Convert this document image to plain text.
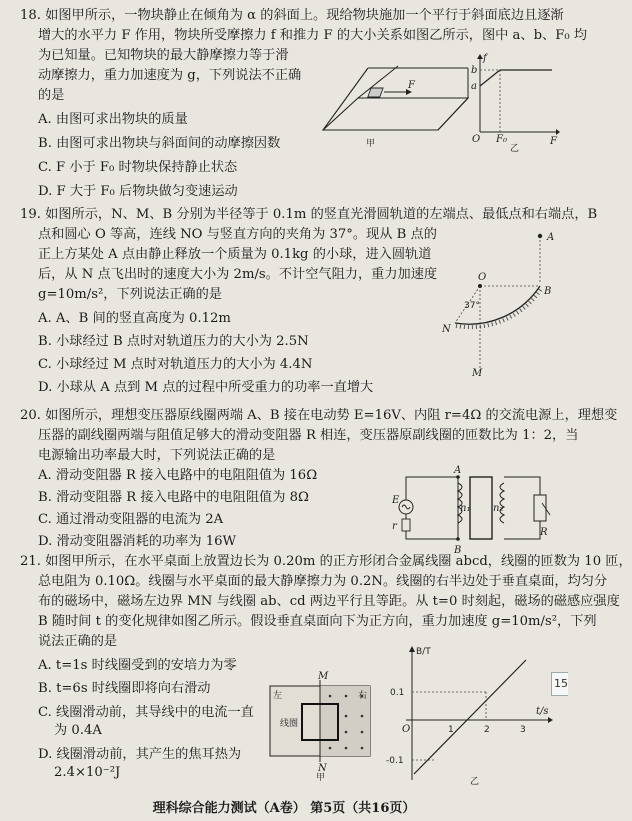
18. 如图甲所示，一物块静止在倾角为 α 的斜面上。现给物块施加一个平行于斜面底边且逐渐
增大的水平力 F 作用，物块所受摩擦力 f 和推力 F 的大小关系如图乙所示，图中 a、b、F₀ 均
为已知量。已知物块的最大静摩擦力等于滑
动摩擦力，重力加速度为 g，下列说法不正确
的是
A. 由图可求出物块的质量
B. 由图可求出物块与斜面间的动摩擦因数
C. F 小于 F₀ 时物块保持静止状态
D. F 大于 F₀ 后物块做匀变速运动
F
甲
f
b
a
O F₀	F
乙
19. 如图所示，N、M、B 分别为半径等于 0.1m 的竖直光滑圆轨道的左端点、最低点和右端点，B
点和圆心 O 等高，连线 NO 与竖直方向的夹角为 37°。现从 B 点的
正上方某处 A 点由静止释放一个质量为 0.1kg 的小球，进入圆轨道
后，从 N 点飞出时的速度大小为 2m/s。不计空气阻力，重力加速度
g=10m/s²，下列说法正确的是
A. A、B 间的竖直高度为 0.12m
B. 小球经过 B 点时对轨道压力的大小为 2.5N
C. 小球经过 M 点时对轨道压力的大小为 4.4N
D. 小球从 A 点到 M 点的过程中所受重力的功率一直增大
A
O
B
N
37°
M
20. 如图所示，理想变压器原线圈两端 A、B 接在电动势 E=16V、内阻 r=4Ω 的交流电源上，理想变
压器的副线圈两端与阻值足够大的滑动变阻器 R 相连，变压器原副线圈的匝数比为 1：2，当
电源输出功率最大时，下列说法正确的是
A. 滑动变阻器 R 接入电路中的电阻阻值为 16Ω
B. 滑动变阻器 R 接入电路中的电阻阻值为 8Ω
C. 通过滑动变阻器的电流为 2A
D. 滑动变阻器消耗的功率为 16W
A
B
E
r
n₁ n₂
R
21. 如图甲所示，在水平桌面上放置边长为 0.20m 的正方形闭合金属线圈 abcd，线圈的匝数为 10 匝，
总电阻为 0.10Ω。线圈与水平桌面的最大静摩擦力为 0.2N。线圈的右半边处于垂直桌面，均匀分
布的磁场中，磁场左边界 MN 与线圈 ab、cd 两边平行且等距。从 t=0 时刻起，磁场的磁感应强度
B 随时间 t 的变化规律如图乙所示。假设垂直桌面向下为正方向，重力加速度 g=10m/s²，下列
说法正确的是
A. t=1s 时线圈受到的安培力为零
B. t=6s 时线圈即将向右滑动
C. 线圈滑动前，其导线中的电流一直
为 0.4A
D. 线圈滑动前，其产生的焦耳热为
2.4×10⁻²J
M
N
左	右
线圈
甲
B/T
0.1
-0.1
O	1	2	3
t/s
乙
理科综合能力测试（A卷） 第5页（共16页）
15
